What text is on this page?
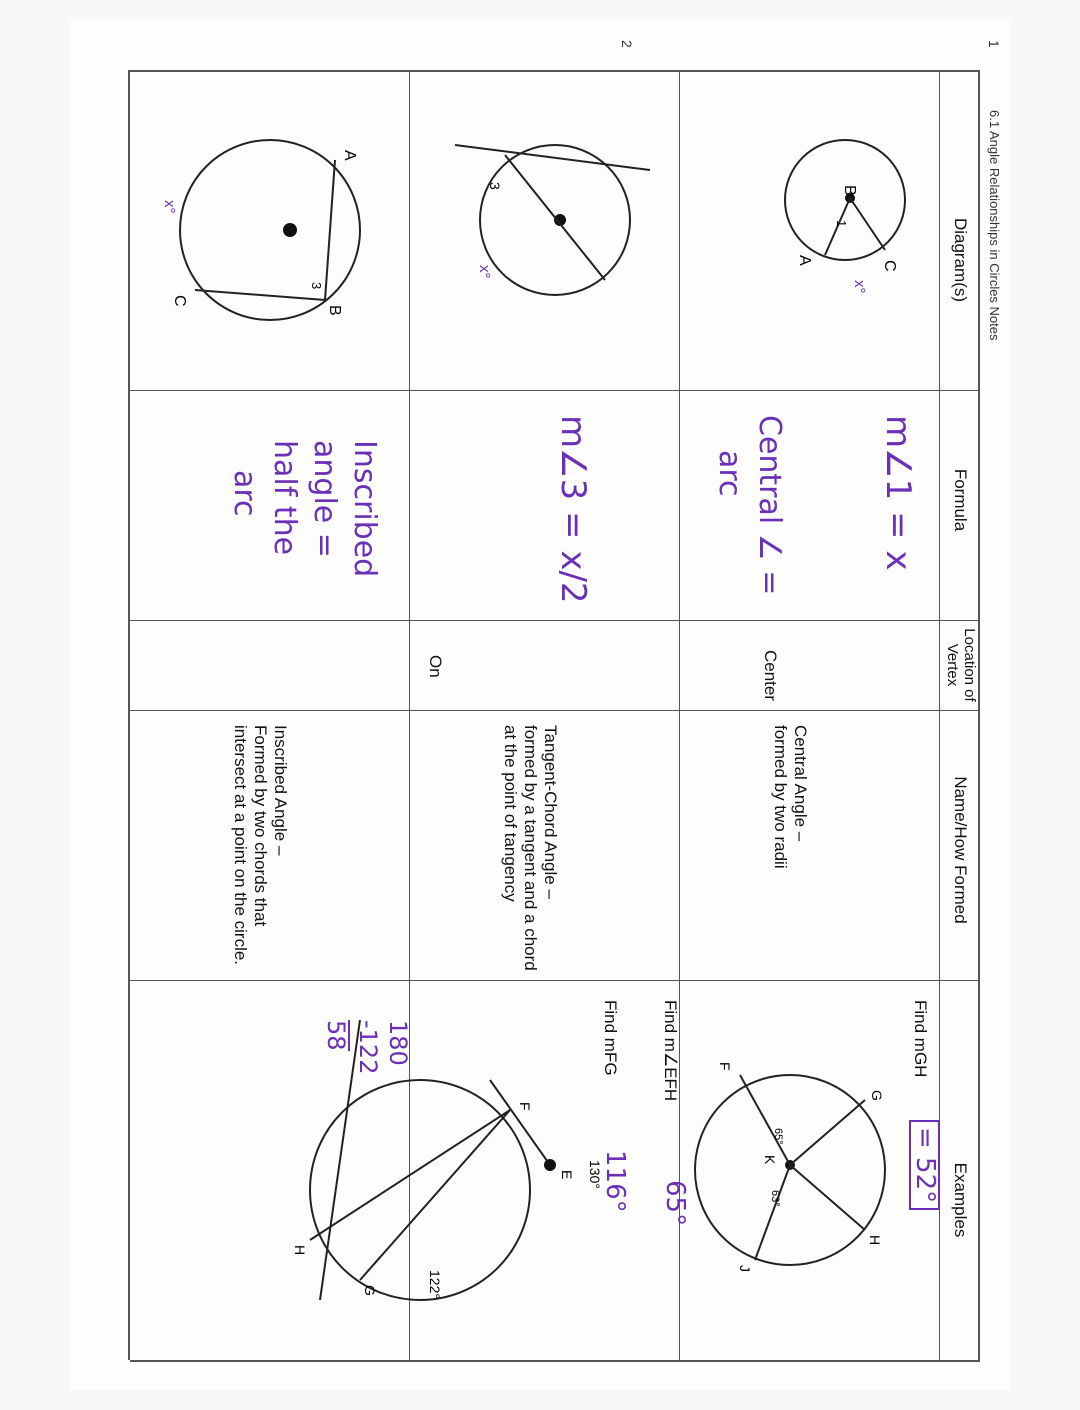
6.1 Angle Relationships in Circles Notes
1
2
Diagram(s)
Formula
Location of Vertex
Name/How Formed
Examples
A
B
C
1
x°
3
x°
A
B
C
3
x°
m∠1 = x
Central ∠ =
arc
m∠3 = x/2
Inscribed
angle =
half the
arc
Center
On
Central Angle –
formed by two radii
Tangent-Chord Angle –
formed by a tangent and a chord at the point of tangency
Inscribed Angle –
Formed by two chords that intersect at a point on the circle.
Find mGH
= 52°
G
H
J
K
F
65°
63°
Find m∠EFH
65°
Find mFG
116°
E
F
G
H
130°
122°
180
-122
58
